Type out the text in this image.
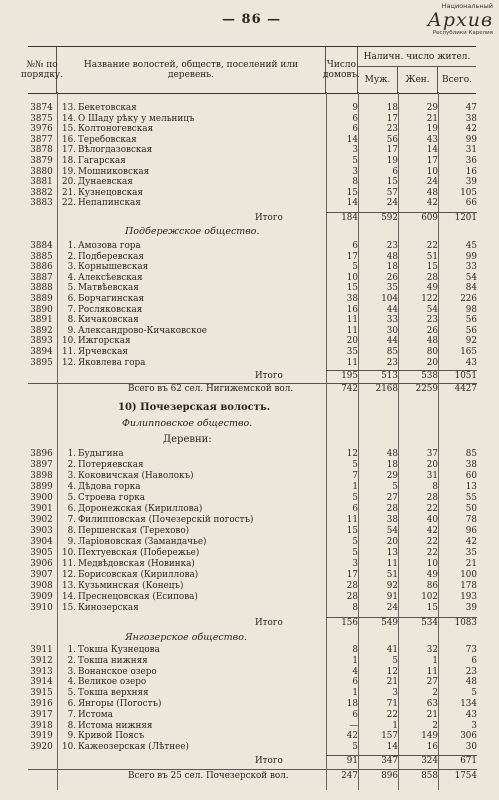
— 86 —
Национальный
Архив
Республики Карелия
№№ по порядку.
Название волостей, обществ, поселений или деревень.
Число домовъ.
Наличн. число жител.
Муж.	Жен.	Всего.
3874	13. Бекетовская	9	18	29	47
3875	14. О Шаду рѣку у мельницъ	6	17	21	38
3976	15. Колтоногевская	6	23	19	42
3877	16. Теребовская	14	56	43	99
3878	17. Вѣлогдазовская	3	17	14	31
3879	18. Гагарская	5	19	17	36
3880	19. Мошниковская	3	6	10	16
3881	20. Дунаевская	8	15	24	39
3882	21. Кузнецовская	15	57	48	105
3883	22. Непапинская	14	24	42	66
Итого	184	592	609	1201
Подбережское общество.
3884	1. Амозова гора	6	23	22	45
3885	2. Подберевская	17	48	51	99
3886	3. Корнышевская	5	18	15	33
3887	4. Алексѣевская	10	26	28	54
3888	5. Матвѣевская	15	35	49	84
3889	6. Борчагинская	38	104	122	226
3890	7. Росляковская	16	44	54	98
3891	8. Кичаковская	11	33	23	56
3892	9. Александрово-Кичаковское	11	30	26	56
3893	10. Ижгорская	20	44	48	92
3894	11. Ярчевская	35	85	80	165
3895	12. Яковлева гора	11	23	20	43
Итого	195	513	538	1051
Всего въ 62 сел. Нигижемской вол.	742	2168	2259	4427
10) Почезерская волость.
Филипповское общество.
Деревни:
3896	1. Будыгина	12	48	37	85
3897	2. Потеряевская	5	18	20	38
3898	3. Коковичская (Наволокъ)	7	29	31	60
3899	4. Дѣдова горка	1	5	8	13
3900	5. Строева горка	5	27	28	55
3901	6. Доронежская (Кириллова)	6	28	22	50
3902	7. Филипповская (Почезерскій погостъ)	11	38	40	78
3903	8. Першенская (Терехово)	15	54	42	96
3904	9. Ларіоновская (Замандачье)	5	20	22	42
3905	10. Пехтуевская (Побережье)	5	13	22	35
3906	11. Медвѣдовская (Новинка)	3	11	10	21
3907	12. Борисовская (Кириллова)	17	51	49	100
3908	13. Кузьминская (Конецъ)	28	92	86	178
3909	14. Преснецовская (Есипова)	28	91	102	193
3910	15. Кинозерская	8	24	15	39
Итого	156	549	534	1083
Янгозерское общество.
3911	1. Токша Кузнецова	8	41	32	73
3912	2. Токша нижняя	1	5	1	6
3913	3. Вонанское озеро	4	12	11	23
3914	4. Великое озеро	6	21	27	48
3915	5. Токша верхняя	1	3	2	5
3916	6. Янгоры (Погостъ)	18	71	63	134
3917	7. Истома	6	22	21	43
3918	8. Истома нижняя	—	1	2	3
3919	9. Кривой Поясъ	42	157	149	306
3920	10. Кажеозерская (Лѣтнее)	5	14	16	30
Итого	91	347	324	671
Всего въ 25 сел. Почезерской вол.	247	896	858	1754
